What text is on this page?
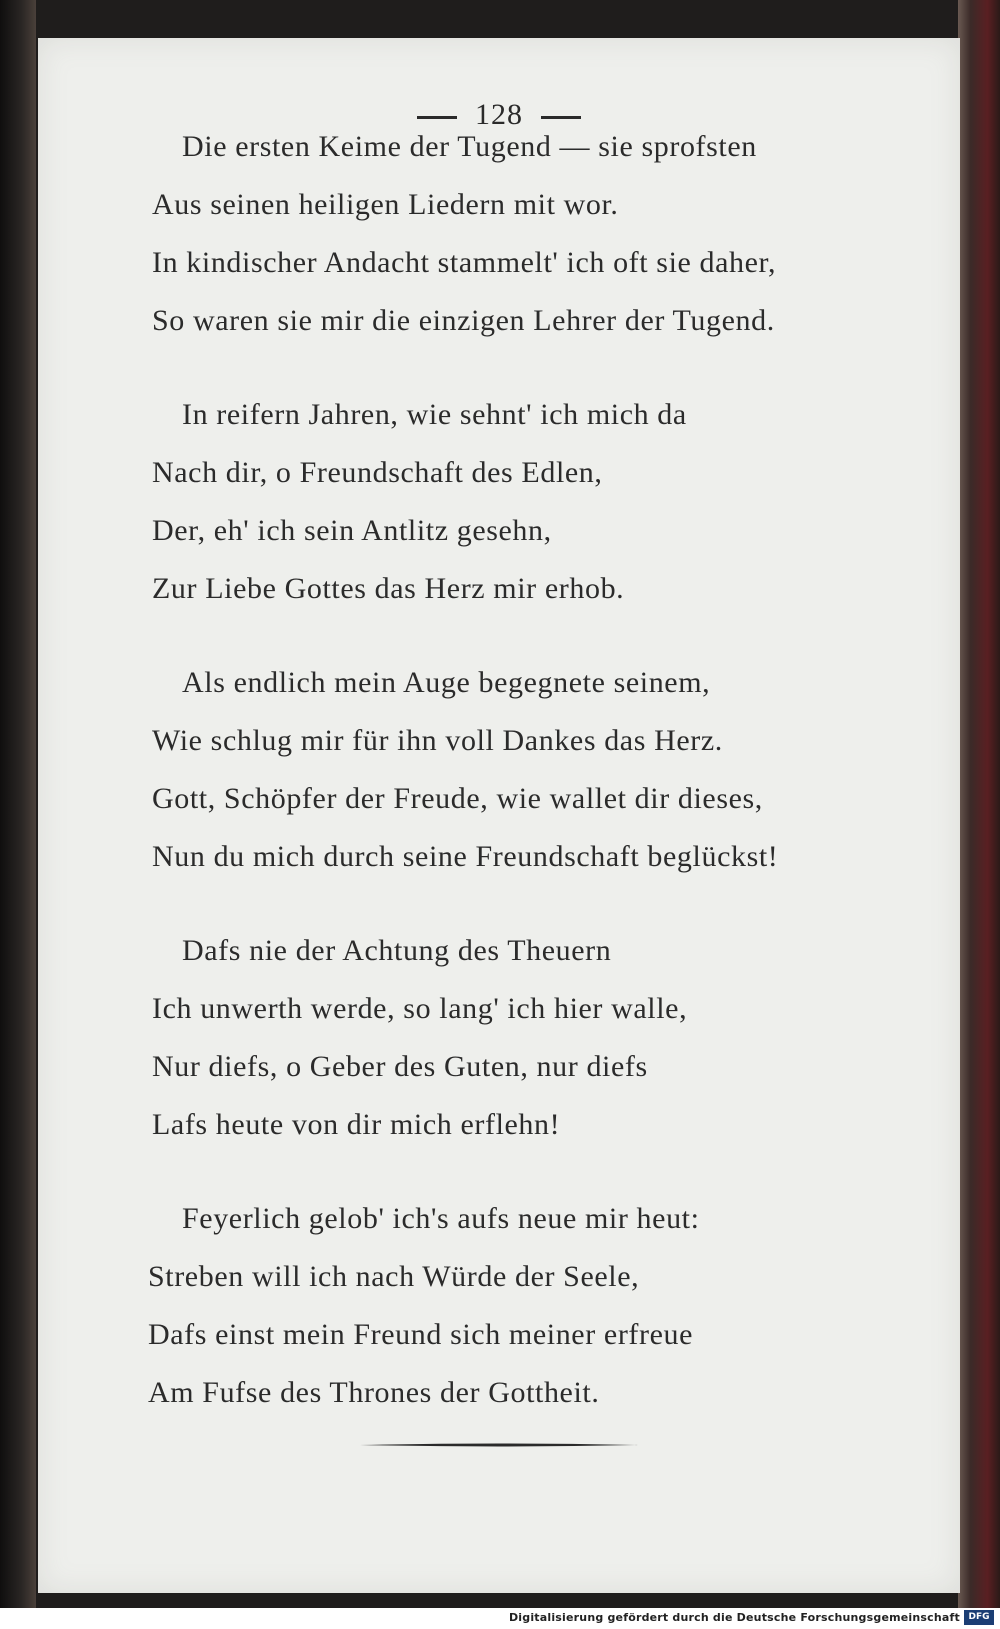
128
Die ersten Keime der Tugend — sie sprofsten
Aus seinen heiligen Liedern mit wor.
In kindischer Andacht stammelt' ich oft sie daher,
So waren sie mir die einzigen Lehrer der Tugend.
In reifern Jahren, wie sehnt' ich mich da
Nach dir, o Freundschaft des Edlen,
Der, eh' ich sein Antlitz gesehn,
Zur Liebe Gottes das Herz mir erhob.
Als endlich mein Auge begegnete seinem,
Wie schlug mir für ihn voll Dankes das Herz.
Gott, Schöpfer der Freude, wie wallet dir dieses,
Nun du mich durch seine Freundschaft beglückst!
Dafs nie der Achtung des Theuern
Ich unwerth werde, so lang' ich hier walle,
Nur diefs, o Geber des Guten, nur diefs
Lafs heute von dir mich erflehn!
Feyerlich gelob' ich's aufs neue mir heut:
Streben will ich nach Würde der Seele,
Dafs einst mein Freund sich meiner erfreue
Am Fufse des Thrones der Gottheit.
Digitalisierung gefördert durch die Deutsche Forschungsgemeinschaft DFG
